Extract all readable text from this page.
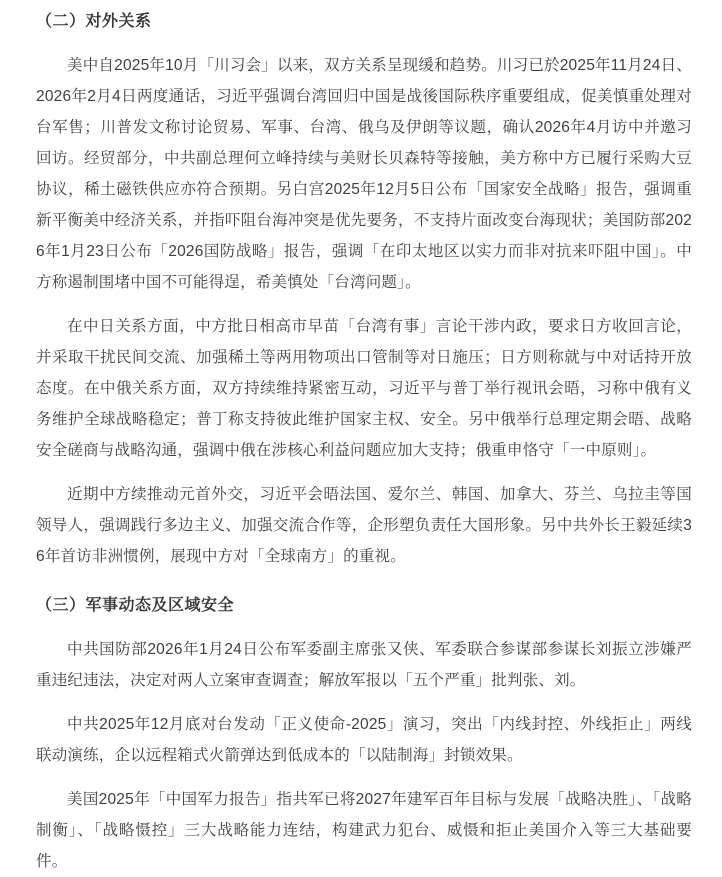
（二）对外关系

美中自2025年10月「川习会」以来，双方关系呈现缓和趋势。川习已於2025年11月24日、2026年2月4日两度通话，习近平强调台湾回归中国是战後国际秩序重要组成，促美慎重处理对台军售；川普发文称讨论贸易、军事、台湾、俄乌及伊朗等议题，确认2026年4月访中并邀习回访。经贸部分，中共副总理何立峰持续与美财长贝森特等接触，美方称中方已履行采购大豆协议，稀土磁铁供应亦符合预期。另白宫2025年12月5日公布「国家安全战略」报告，强调重新平衡美中经济关系，并指吓阻台海冲突是优先要务，不支持片面改变台海现状；美国防部2026年1月23日公布「2026国防战略」报告，强调「在印太地区以实力而非对抗来吓阻中国」。中方称遏制围堵中国不可能得逞，希美慎处「台湾问题」。

在中日关系方面，中方批日相高市早苗「台湾有事」言论干涉内政，要求日方收回言论，并采取干扰民间交流、加强稀土等两用物项出口管制等对日施压；日方则称就与中对话持开放态度。在中俄关系方面，双方持续维持紧密互动，习近平与普丁举行视讯会晤，习称中俄有义务维护全球战略稳定；普丁称支持彼此维护国家主权、安全。另中俄举行总理定期会晤、战略安全磋商与战略沟通，强调中俄在涉核心利益问题应加大支持；俄重申恪守「一中原则」。

近期中方续推动元首外交，习近平会晤法国、爱尔兰、韩国、加拿大、芬兰、乌拉圭等国领导人，强调践行多边主义、加强交流合作等，企形塑负责任大国形象。另中共外长王毅延续36年首访非洲惯例，展现中方对「全球南方」的重视。

（三）军事动态及区域安全

中共国防部2026年1月24日公布军委副主席张又侠、军委联合参谋部参谋长刘振立涉嫌严重违纪违法，决定对两人立案审查调查；解放军报以「五个严重」批判张、刘。

中共2025年12月底对台发动「正义使命-2025」演习，突出「内线封控、外线拒止」两线联动演练，企以远程箱式火箭弹达到低成本的「以陆制海」封锁效果。

美国2025年「中国军力报告」指共军已将2027年建军百年目标与发展「战略决胜」、「战略制衡」、「战略慑控」三大战略能力连结，构建武力犯台、威慑和拒止美国介入等三大基础要件。
